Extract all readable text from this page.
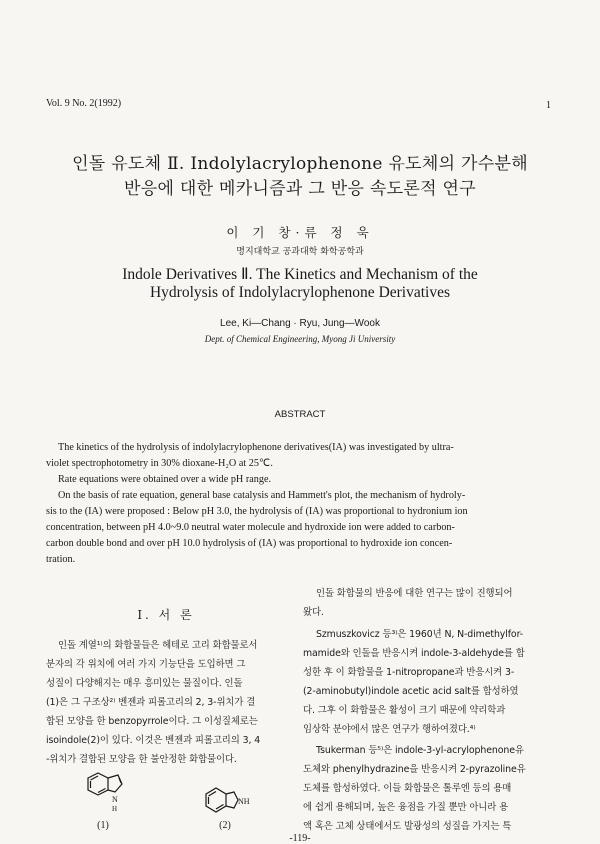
Vol. 9 No. 2(1992)	1
인돌 유도체 Ⅱ. Indolylacrylophenone 유도체의 가수분해
반응에 대한 메카니즘과 그 반응 속도론적 연구
이 기 창·류 정 욱
명지대학교 공과대학 화학공학과
Indole Derivatives Ⅱ. The Kinetics and Mechanism of the
Hydrolysis of Indolylacrylophenone Derivatives
Lee, Ki—Chang · Ryu, Jung—Wook
Dept. of Chemical Engineering, Myong Ji University
ABSTRACT
The kinetics of the hydrolysis of indolylacrylophenone derivatives(IA) was investigated by ultra-
violet spectrophotometry in 30% dioxane-H₂O at 25℃.
Rate equations were obtained over a wide pH range.
On the basis of rate equation, general base catalysis and Hammett's plot, the mechanism of hydroly-
sis to the (IA) were proposed : Below pH 3.0, the hydrolysis of (IA) was proportional to hydronium ion
concentration, between pH 4.0~9.0 neutral water molecule and hydroxide ion were added to carbon-
carbon double bond and over pH 10.0 hydrolysis of (IA) was proportional to hydroxide ion concen-
tration.
I. 서 론
인돌 계열¹⁾의 화합물들은 헤테로 고리 화합물로서
분자의 각 위치에 여러 가지 기능단을 도입하면 그
성질이 다양해지는 매우 흥미있는 물질이다. 인돌
(1)은 그 구조상²⁾ 벤젠과 피롤고리의 2, 3-위치가 결
합된 모양을 한 benzopyrrole이다. 그 이성질체로는
isoindole(2)이 있다. 이것은 벤젠과 피롤고리의 3, 4
-위치가 결합된 모양을 한 불안정한 화합물이다.
인돌 화합물의 반응에 대한 연구는 많이 진행되어
왔다.
Szmuszkovicz 등³⁾은 1960년 N, N-dimethylfor-
mamide와 인돌을 반응시켜 indole-3-aldehyde를 합
성한 후 이 화합물을 1-nitropropane과 반응시켜 3-
(2-aminobutyl)indole acetic acid salt를 합성하였
다. 그후 이 화합물은 활성이 크기 때문에 약리학과
임상학 분야에서 많은 연구가 행하여졌다.⁴⁾
Tsukerman 등⁵⁾은 indole-3-yl-acrylophenone유
도체와 phenylhydrazine을 반응시켜 2-pyrazoline유
도체를 합성하였다. 이들 화합물은 톨루엔 등의 용매
에 쉽게 용해되며, 높은 융점을 가질 뿐만 아니라 용
액 혹은 고체 상태에서도 발광성의 성질을 가지는 특
N
H
(1)
NH
(2)
-119-
